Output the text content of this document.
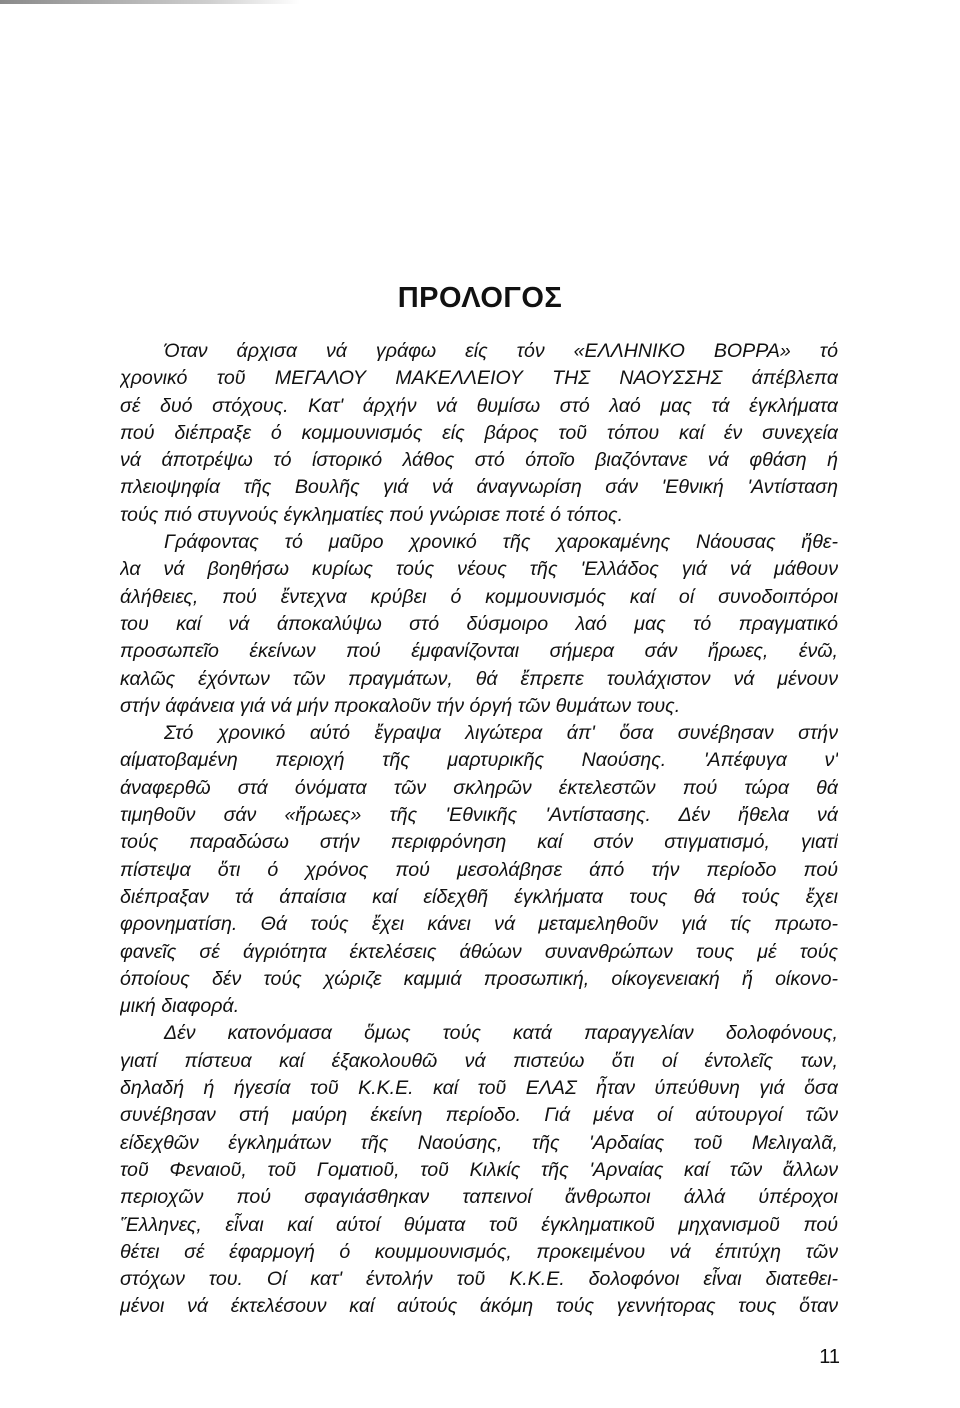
ΠΡΟΛΟΓΟΣ
Όταν άρχισα νά γράφω είς τόν «ΕΛΛΗΝΙΚΟ ΒΟΡΡΑ» τό
χρονικό τοῦ ΜΕΓΑΛΟΥ ΜΑΚΕΛΛΕΙΟΥ ΤΗΣ ΝΑΟΥΣΣΗΣ άπέβλεπα
σέ δυό στόχους. Κατ' άρχήν νά θυμίσω στό λαό μας τά έγκλήματα
πού διέπραξε ό κομμουνισμός είς βάρος τοῦ τόπου καί έν συνεχεία
νά άποτρέψω τό ίστορικό λάθος στό όποῖο βιαζόντανε νά φθάση ή
πλειοψηφία τῆς Βουλῆς γιά νά άναγνωρίση σάν 'Εθνική 'Αντίσταση
τούς πιό στυγνούς έγκληματίες πού γνώρισε ποτέ ό τόπος.
Γράφοντας τό μαῦρο χρονικό τῆς χαροκαμένης Νάουσας ἤθε-
λα νά βοηθήσω κυρίως τούς νέους τῆς 'Ελλάδος γιά νά μάθουν
άλήθειες, πού ἔντεχνα κρύβει ό κομμουνισμός καί οί συνοδοιπόροι
του καί νά άποκαλύψω στό δύσμοιρο λαό μας τό πραγματικό
προσωπεῖο έκείνων πού έμφανίζονται σήμερα σάν ἤρωες, ένῶ,
καλῶς έχόντων τῶν πραγμάτων, θά ἔπρεπε τουλάχιστον νά μένουν
στήν άφάνεια γιά νά μήν προκαλοῦν τήν όργή τῶν θυμάτων τους.
Στό χρονικό αύτό ἔγραψα λιγώτερα άπ' ὅσα συνέβησαν στήν
αίματοβαμένη περιοχή τῆς μαρτυρικῆς Ναούσης. 'Απέφυγα ν'
άναφερθῶ στά όνόματα τῶν σκληρῶν έκτελεστῶν πού τώρα θά
τιμηθοῦν σάν «ἤρωες» τῆς 'Εθνικῆς 'Αντίστασης. Δέν ἤθελα νά
τούς παραδώσω στήν περιφρόνηση καί στόν στιγματισμό, γιατί
πίστεψα ὅτι ό χρόνος πού μεσολάβησε άπό τήν περίοδο πού
διέπραξαν τά άπαίσια καί είδεχθῆ έγκλήματα τους θά τούς ἔχει
φρονηματίση. Θά τούς ἔχει κάνει νά μεταμεληθοῦν γιά τίς πρωτο-
φανεῖς σέ άγριότητα έκτελέσεις άθώων συνανθρώπων τους μέ τούς
όποίους δέν τούς χώριζε καμμιά προσωπική, οίκογενειακή ἤ οίκονο-
μική διαφορά.
Δέν κατονόμασα ὅμως τούς κατά παραγγελίαν δολοφόνους,
γιατί πίστευα καί έξακολουθῶ νά πιστεύω ὅτι οί έντολεῖς των,
δηλαδή ή ήγεσία τοῦ Κ.Κ.Ε. καί τοῦ ΕΛΑΣ ἦταν ύπεύθυνη γιά ὅσα
συνέβησαν στή μαύρη έκείνη περίοδο. Γιά μένα οί αύτουργοί τῶν
είδεχθῶν έγκλημάτων τῆς Ναούσης, τῆς 'Αρδαίας τοῦ Μελιγαλᾶ,
τοῦ Φεναιοῦ, τοῦ Γοματιοῦ, τοῦ Κιλκίς τῆς 'Αρναίας καί τῶν ἄλλων
περιοχῶν πού σφαγιάσθηκαν ταπεινοί ἄνθρωποι άλλά ύπέροχοι
Ἕλληνες, εἶναι καί αύτοί θύματα τοῦ έγκληματικοῦ μηχανισμοῦ πού
θέτει σέ έφαρμογή ό κουμμουνισμός, προκειμένου νά έπιτύχη τῶν
στόχων του. Οί κατ' έντολήν τοῦ Κ.Κ.Ε. δολοφόνοι εἶναι διατεθει-
μένοι νά έκτελέσουν καί αύτούς άκόμη τούς γεννήτορας τους ὅταν
11
